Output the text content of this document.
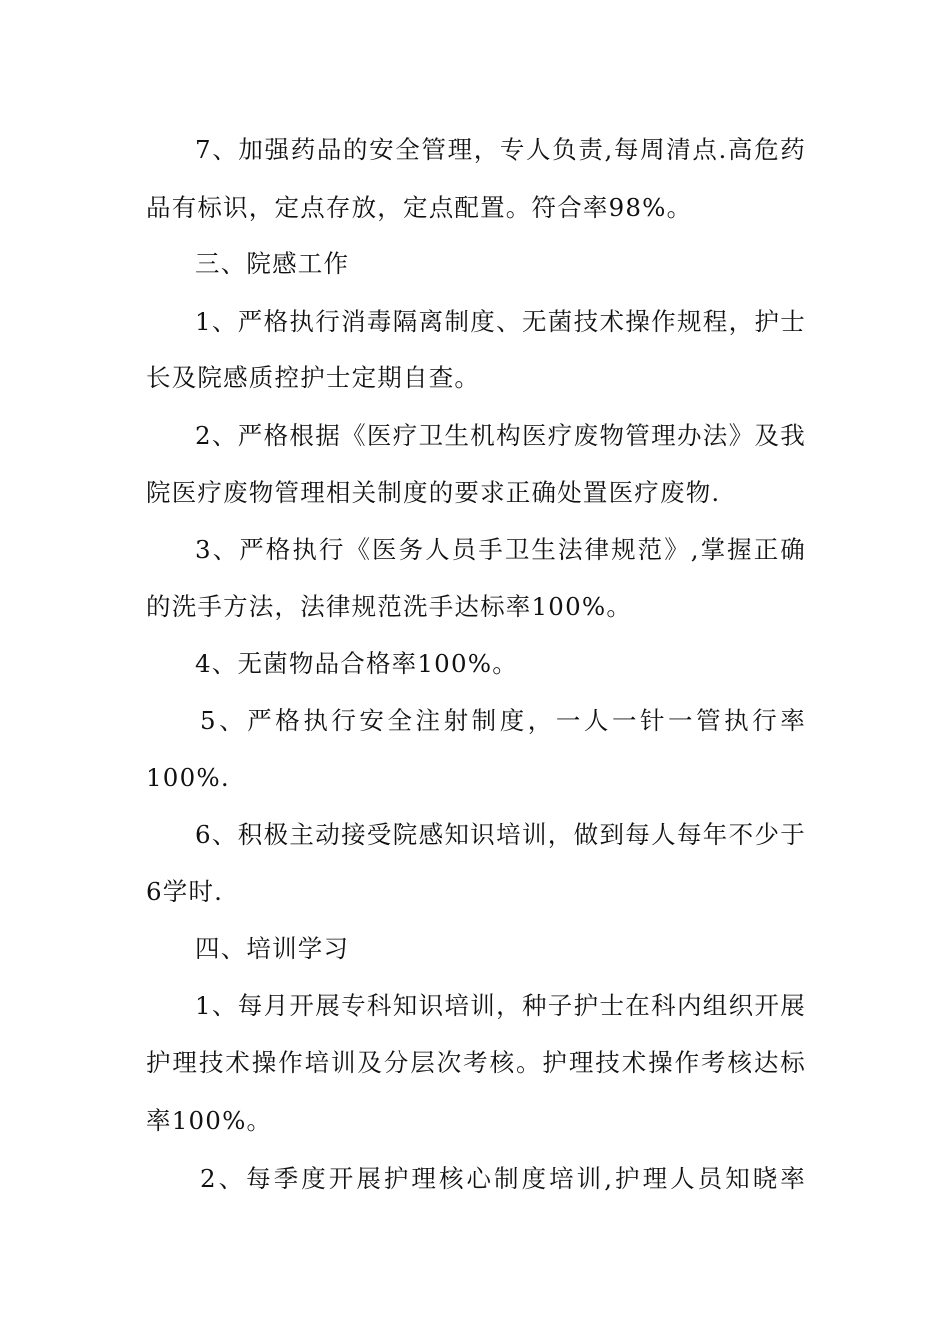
7、加强药品的安全管理，专人负责,每周清点.高危药
品有标识，定点存放，定点配置。符合率98%。
三、院感工作
1、严格执行消毒隔离制度、无菌技术操作规程，护士
长及院感质控护士定期自查。
2、严格根据《医疗卫生机构医疗废物管理办法》及我
院医疗废物管理相关制度的要求正确处置医疗废物.
3、严格执行《医务人员手卫生法律规范》,掌握正确
的洗手方法，法律规范洗手达标率100%。
4、无菌物品合格率100%。
5、严格执行安全注射制度，一人一针一管执行率
100%.
6、积极主动接受院感知识培训，做到每人每年不少于
6学时.
四、培训学习
1、每月开展专科知识培训，种子护士在科内组织开展
护理技术操作培训及分层次考核。护理技术操作考核达标
率100%。
2、每季度开展护理核心制度培训,护理人员知晓率
